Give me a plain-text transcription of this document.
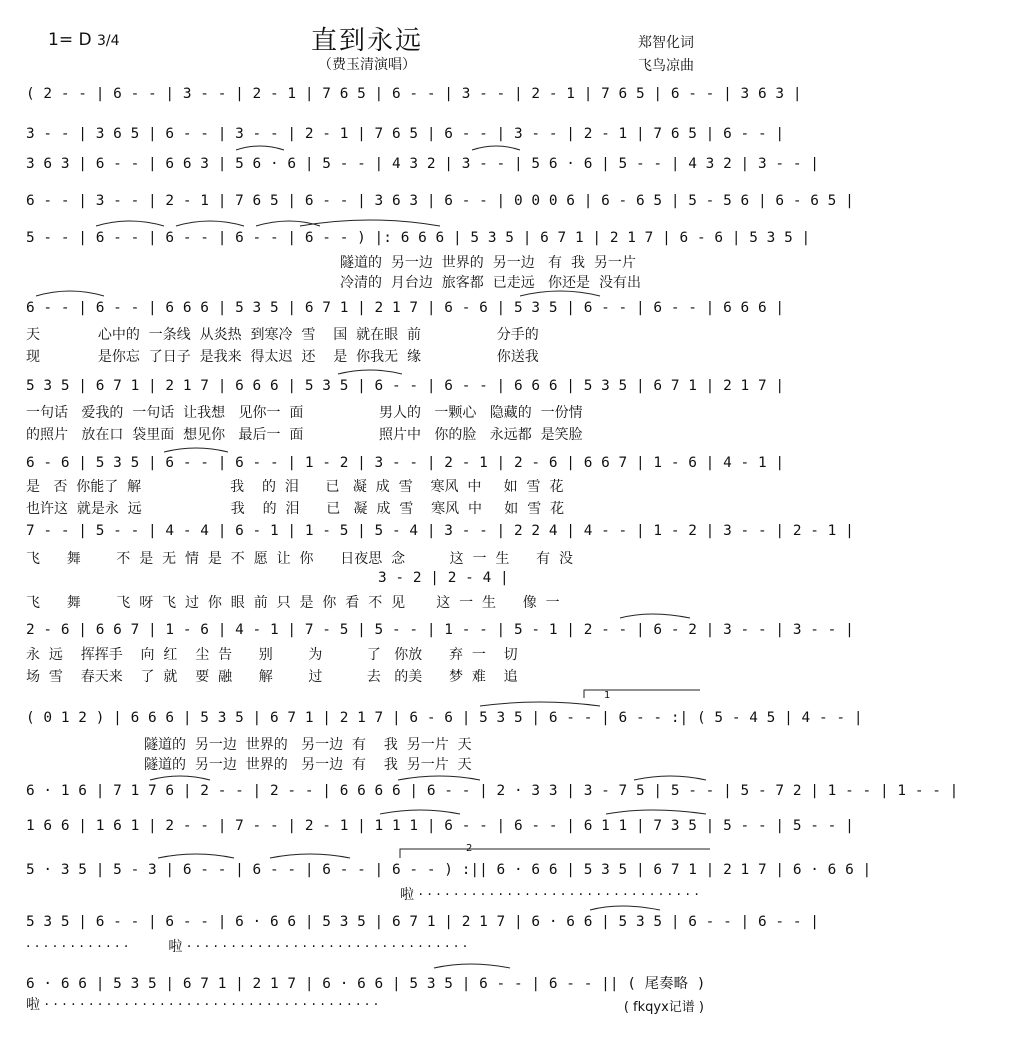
1= D 3/4	直到永远
（费玉清演唱）
郑智化词
飞鸟凉曲
( 2 - - | 6 - - | 3 - - | 2 - 1 | 7 6 5 | 6 - - | 3 - - | 2 - 1 | 7 6 5 | 6 - - | 3 6 3 |
3 - - | 3 6 5 | 6 - - | 3 - - | 2 - 1 | 7 6 5 | 6 - - | 3 - - | 2 - 1 | 7 6 5 | 6 - - |
3 6 3 | 6 - - | 6 6 3 | 5 6 · 6 | 5 - - | 4 3 2 | 3 - - | 5 6 · 6 | 5 - - | 4 3 2 | 3 - - |
6 - - | 3 - - | 2 - 1 | 7 6 5 | 6 - - | 3 6 3 | 6 - - | 0 0 0 6 | 6 - 6 5 | 5 - 5 6 | 6 - 6 5 |
5 - - | 6 - - | 6 - - | 6 - - | 6 - - ) |: 6 6 6 | 5 3 5 | 6 7 1 | 2 1 7 | 6 - 6 | 5 3 5 |
隧道的  另一边  世界的  另一边   有  我  另一片
冷清的  月台边  旅客都  已走远   你还是  没有出
6 - - | 6 - - | 6 6 6 | 5 3 5 | 6 7 1 | 2 1 7 | 6 - 6 | 5 3 5 | 6 - - | 6 - - | 6 6 6 |
天             心中的  一条线  从炎热  到寒冷  雪    国  就在眼  前                 分手的
现             是你忘  了日子  是我来  得太迟  还    是  你我无  缘                 你送我
5 3 5 | 6 7 1 | 2 1 7 | 6 6 6 | 5 3 5 | 6 - - | 6 - - | 6 6 6 | 5 3 5 | 6 7 1 | 2 1 7 |
一句话   爱我的  一句话  让我想   见你一  面                 男人的   一颗心   隐藏的  一份情
的照片   放在口  袋里面  想见你   最后一  面                 照片中   你的脸   永远都  是笑脸
6 - 6 | 5 3 5 | 6 - - | 6 - - | 1 - 2 | 3 - - | 2 - 1 | 2 - 6 | 6 6 7 | 1 - 6 | 4 - 1 |
是   否  你能了  解                    我    的  泪      已   凝  成  雪    寒风  中     如  雪  花
也许这  就是永  远                    我    的  泪      已   凝  成  雪    寒风  中     如  雪  花
7 - - | 5 - - | 4 - 4 | 6 - 1 | 1 - 5 | 5 - 4 | 3 - - | 2 2 4 | 4 - - | 1 - 2 | 3 - - | 2 - 1 |
飞      舞        不  是  无  情  是  不  愿  让  你      日夜思  念          这  一  生      有  没
3 - 2 | 2 - 4 |
飞      舞        飞  呀  飞  过  你  眼  前  只  是  你  看  不  见       这  一  生      像  一
2 - 6 | 6 6 7 | 1 - 6 | 4 - 1 | 7 - 5 | 5 - - | 1 - - | 5 - 1 | 2 - - | 6 - 2 | 3 - - | 3 - - |
永  远    挥挥手    向  红    尘  告      别        为          了   你放      弃  一    切
场  雪    春天来    了  就    要  融      解        过          去   的美      梦  难    追
1
( 0 1 2 ) | 6 6 6 | 5 3 5 | 6 7 1 | 2 1 7 | 6 - 6 | 5 3 5 | 6 - - | 6 - - :| ( 5 - 4 5 | 4 - - |
隧道的  另一边  世界的   另一边  有    我  另一片  天
隧道的  另一边  世界的   另一边  有    我  另一片  天
6 · 1 6 | 7 1 7 6 | 2 - - | 2 - - | 6 6 6 6 | 6 - - | 2 · 3 3 | 3 - 7 5 | 5 - - | 5 - 7 2 | 1 - - | 1 - - |
1 6 6 | 1 6 1 | 2 - - | 7 - - | 2 - 1 | 1 1 1 | 6 - - | 6 - - | 6 1 1 | 7 3 5 | 5 - - | 5 - - |
2
5 · 3 5 | 5 - 3 | 6 - - | 6 - - | 6 - - | 6 - - ) :|| 6 · 6 6 | 5 3 5 | 6 7 1 | 2 1 7 | 6 · 6 6 |
啦 · · · · · · · · · · · · · · · · · · · · · · · · · · · · · · · ·
5 3 5 | 6 - - | 6 - - | 6 · 6 6 | 5 3 5 | 6 7 1 | 2 1 7 | 6 · 6 6 | 5 3 5 | 6 - - | 6 - - |
· · · · · · · · · · · ·         啦 · · · · · · · · · · · · · · · · · · · · · · · · · · · · · · · ·
6 · 6 6 | 5 3 5 | 6 7 1 | 2 1 7 | 6 · 6 6 | 5 3 5 | 6 - - | 6 - - || ( 尾奏略 )
啦 · · · · · · · · · · · · · · · · · · · · · · · · · · · · · · · · · · · · · ·	( fkqyx记谱 )
